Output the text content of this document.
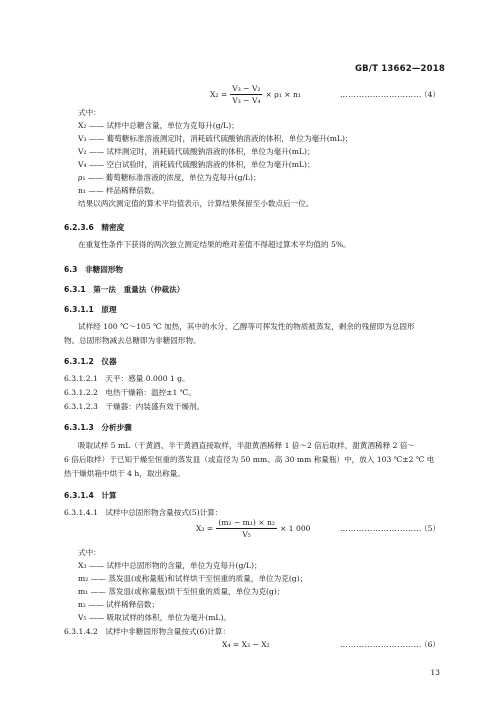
GB/T 13662—2018
$X_2 = \frac{\text{V₃ − V₂}}{\text{V₃ − V₄}} \times \rho_1 \times n_1$	…………………………
（4）
式中：
X₂ —— 试样中总糖含量，单位为克每升(g/L)；
V₃ —— 葡萄糖标准溶液测定时，消耗硫代硫酸钠溶液的体积，单位为毫升(mL)；
V₂ —— 试样测定时，消耗硫代硫酸钠溶液的体积，单位为毫升(mL)；
V₄ —— 空白试验时，消耗硫代硫酸钠溶液的体积，单位为毫升(mL)；
ρ₁ —— 葡萄糖标准溶液的浓度，单位为克每升(g/L)；
n₁ —— 样品稀释倍数。
结果以两次测定值的算术平均值表示，计算结果保留至小数点后一位。
6.2.3.6　 精密度
在重复性条件下获得的两次独立测定结果的绝对差值不得超过算术平均值的 5%。
6.3　 非糖固形物
6.3.1　 第一法　重量法（仲裁法）
6.3.1.1　 原理
试样经 100 ℃～105 ℃ 加热，其中的水分、乙醇等可挥发性的物质被蒸发，剩余的残留即为总固形
物。总固形物减去总糖即为非糖固形物。
6.3.1.2　 仪器
6.3.1.2.1　 天平：感量 0.000 1 g。
6.3.1.2.2　 电热干燥箱：温控±1 ℃。
6.3.1.2.3　 干燥器：内装盛有效干燥剂。
6.3.1.3　 分析步骤
吸取试样 5 mL（干黄酒、半干黄酒直接取样，半甜黄酒稀释 1 倍～2 倍后取样，甜黄酒稀释 2 倍～
6 倍后取样）于已知干燥至恒重的蒸发皿（或直径为 50 mm、高 30 mm 称量瓶）中，放入 103 ℃±2 ℃ 电
热干燥烘箱中烘干 4 h，取出称量。
6.3.1.4　 计算
6.3.1.4.1　 试样中总固形物含量按式(5)计算：
$X_3 = \frac{\text{(m₂ − m₁) × n₂}}{\text{V₅}} \times 1$ 000	…………………………
（5）
式中：
X₃ —— 试样中总固形物的含量，单位为克每升(g/L)；
m₂ —— 蒸发皿(或称量瓶)和试样烘干至恒重的质量，单位为克(g)；
m₁ —— 蒸发皿(或称量瓶)烘干至恒重的质量，单位为克(g)；
n₂ —— 试样稀释倍数；
V₅ —— 吸取试样的体积，单位为毫升(mL)。
6.3.1.4.2　 试样中非糖固形物含量按式(6)计算：
X₄ = X₃ − X₂	…………………………
（6）
13
